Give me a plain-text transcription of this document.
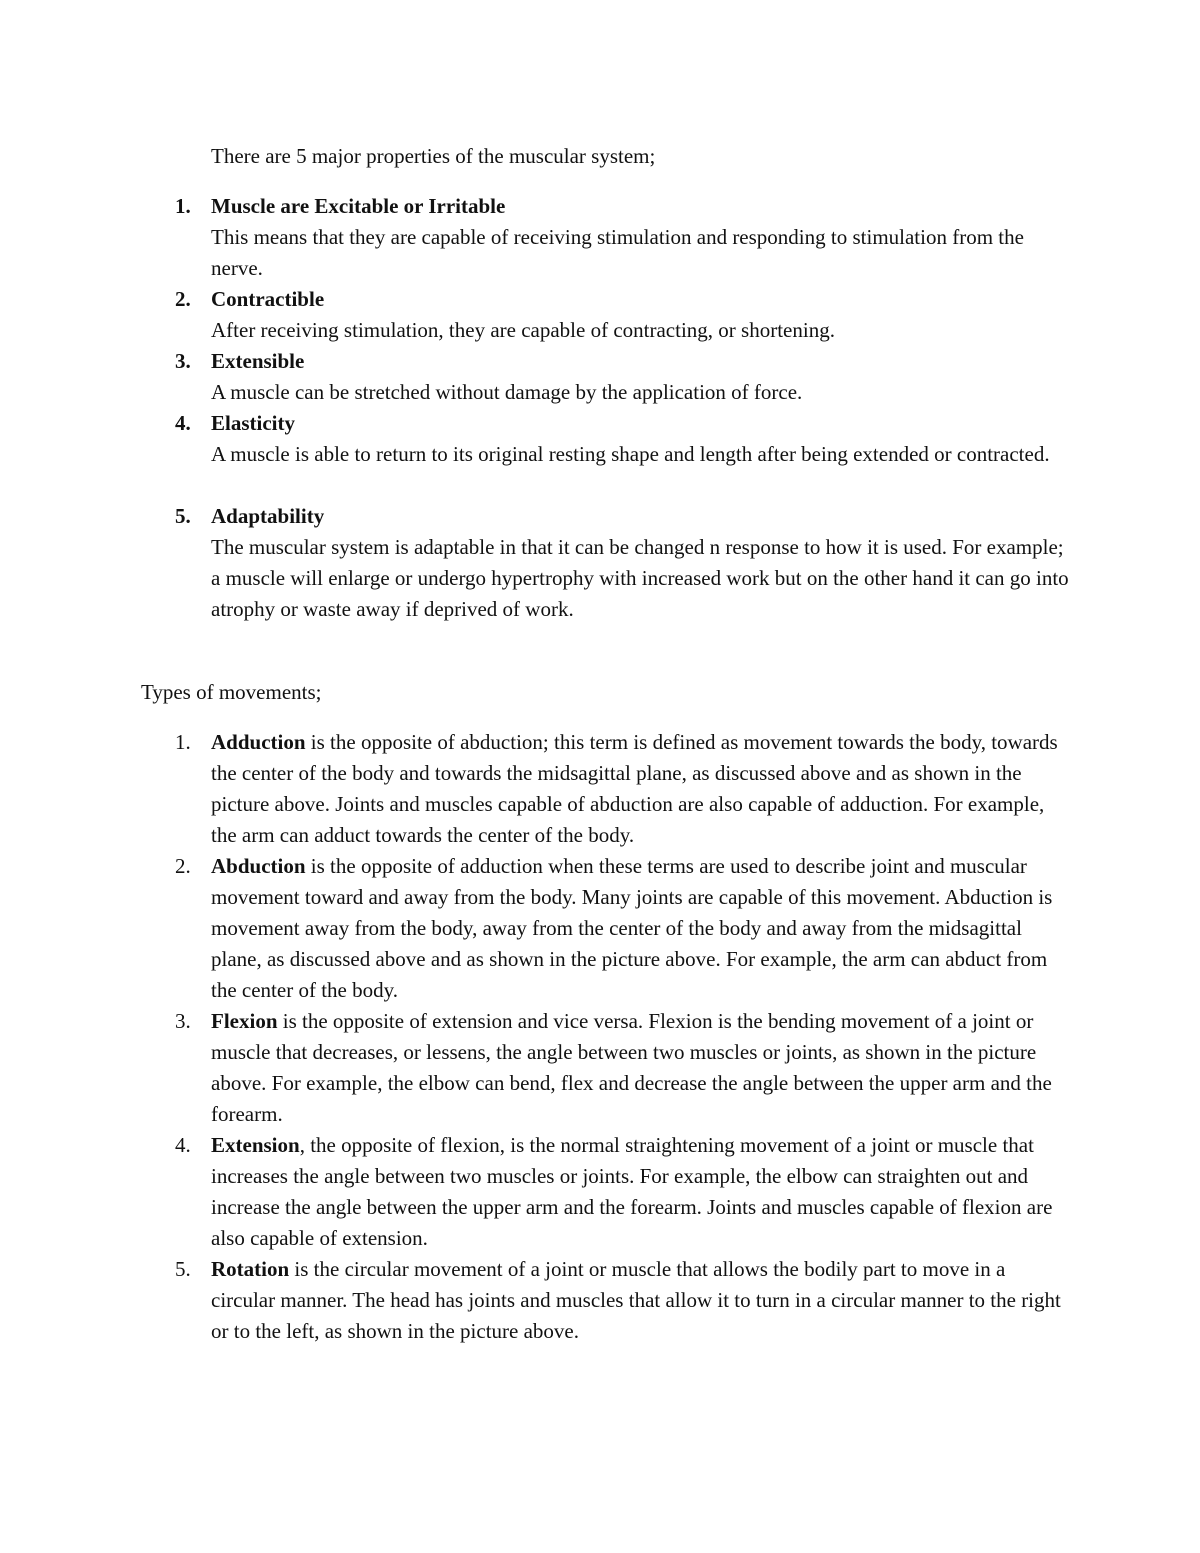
There are 5 major properties of the muscular system;

1. Muscle are Excitable or Irritable
This means that they are capable of receiving stimulation and responding to stimulation from the nerve.
2. Contractible
After receiving stimulation, they are capable of contracting, or shortening.
3. Extensible
A muscle can be stretched without damage by the application of force.
4. Elasticity
A muscle is able to return to its original resting shape and length after being extended or contracted.
5. Adaptability
The muscular system is adaptable in that it can be changed n response to how it is used. For example; a muscle will enlarge or undergo hypertrophy with increased work but on the other hand it can go into atrophy or waste away if deprived of work.

Types of movements;

1. Adduction is the opposite of abduction; this term is defined as movement towards the body, towards the center of the body and towards the midsagittal plane, as discussed above and as shown in the picture above. Joints and muscles capable of abduction are also capable of adduction. For example, the arm can adduct towards the center of the body.
2. Abduction is the opposite of adduction when these terms are used to describe joint and muscular movement toward and away from the body. Many joints are capable of this movement. Abduction is movement away from the body, away from the center of the body and away from the midsagittal plane, as discussed above and as shown in the picture above. For example, the arm can abduct from the center of the body.
3. Flexion is the opposite of extension and vice versa. Flexion is the bending movement of a joint or muscle that decreases, or lessens, the angle between two muscles or joints, as shown in the picture above. For example, the elbow can bend, flex and decrease the angle between the upper arm and the forearm.
4. Extension, the opposite of flexion, is the normal straightening movement of a joint or muscle that increases the angle between two muscles or joints. For example, the elbow can straighten out and increase the angle between the upper arm and the forearm. Joints and muscles capable of flexion are also capable of extension.
5. Rotation is the circular movement of a joint or muscle that allows the bodily part to move in a circular manner. The head has joints and muscles that allow it to turn in a circular manner to the right or to the left, as shown in the picture above.
